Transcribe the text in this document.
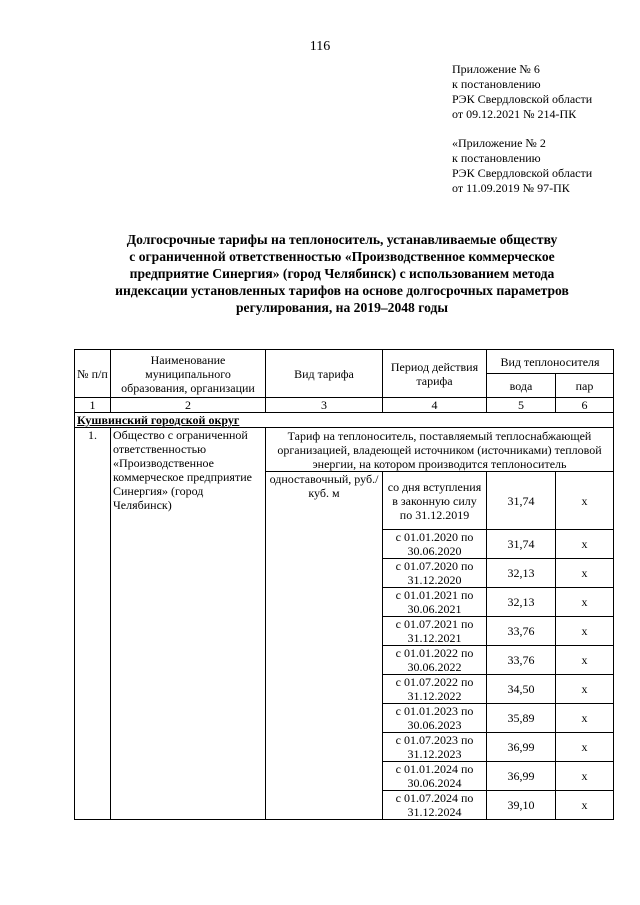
116
Приложение № 6
к постановлению
РЭК Свердловской области
от 09.12.2021 № 214-ПК
«Приложение № 2
к постановлению
РЭК Свердловской области
от 11.09.2019 № 97-ПК
Долгосрочные тарифы на теплоноситель, устанавливаемые обществу
с ограниченной ответственностью «Производственное коммерческое
предприятие Синергия» (город Челябинск) с использованием метода
индексации установленных тарифов на основе долгосрочных параметров
регулирования, на 2019–2048 годы
№ п/п	Наименование муниципального образования, организации	Вид тарифа	Период действия тарифа	Вид теплоносителя	
				вода	пар
1	2	3	4	5	6
Кушвинский городской округ					
1.	Общество с ограниченной ответственностью «Производственное коммерческое предприятие Синергия» (город Челябинск)	Тариф на теплоноситель, поставляемый теплоснабжающей организацией, владеющей источником (источниками) тепловой энергии, на котором производится теплоноситель			
		одноставочный, руб./куб. м	со дня вступления в законную силу по 31.12.2019	31,74	х
			с 01.01.2020 по 30.06.2020	31,74	х
			с 01.07.2020 по 31.12.2020	32,13	х
			с 01.01.2021 по 30.06.2021	32,13	х
			с 01.07.2021 по 31.12.2021	33,76	х
			с 01.01.2022 по 30.06.2022	33,76	х
			с 01.07.2022 по 31.12.2022	34,50	х
			с 01.01.2023 по 30.06.2023	35,89	х
			с 01.07.2023 по 31.12.2023	36,99	х
			с 01.01.2024 по 30.06.2024	36,99	х
			с 01.07.2024 по 31.12.2024	39,10	х
